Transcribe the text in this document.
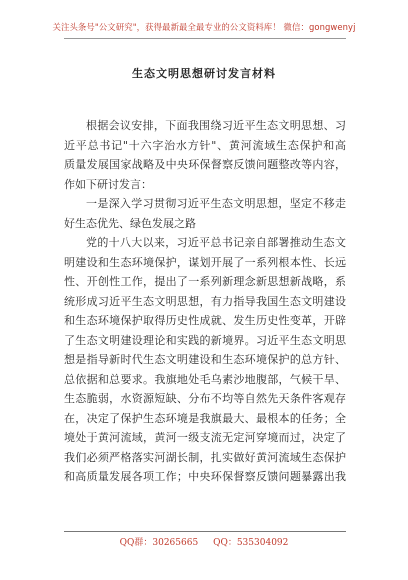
关注头条号"公文研究"，获得最新最全最专业的公文资料库！ 微信：gongwenyj
生态文明思想研讨发言材料
根据会议安排，下面我围绕习近平生态文明思想、习
近平总书记"十六字治水方针"、黄河流域生态保护和高
质量发展国家战略及中央环保督察反馈问题整改等内容，
作如下研讨发言：
一是深入学习贯彻习近平生态文明思想，坚定不移走
好生态优先、绿色发展之路
党的十八大以来，习近平总书记亲自部署推动生态文
明建设和生态环境保护，谋划开展了一系列根本性、长远
性、开创性工作，提出了一系列新理念新思想新战略，系
统形成习近平生态文明思想，有力指导我国生态文明建设
和生态环境保护取得历史性成就、发生历史性变革，开辟
了生态文明建设理论和实践的新境界。习近平生态文明思
想是指导新时代生态文明建设和生态环境保护的总方针、
总依据和总要求。我旗地处毛乌素沙地腹部，气候干旱、
生态脆弱，水资源短缺、分布不均等自然先天条件客观存
在，决定了保护生态环境是我旗最大、最根本的任务；全
境处于黄河流域，黄河一级支流无定河穿境而过，决定了
我们必须严格落实河湖长制，扎实做好黄河流域生态保护
和高质量发展各项工作；中央环保督察反馈问题暴露出我
QQ群：30265665 QQ：535304092
